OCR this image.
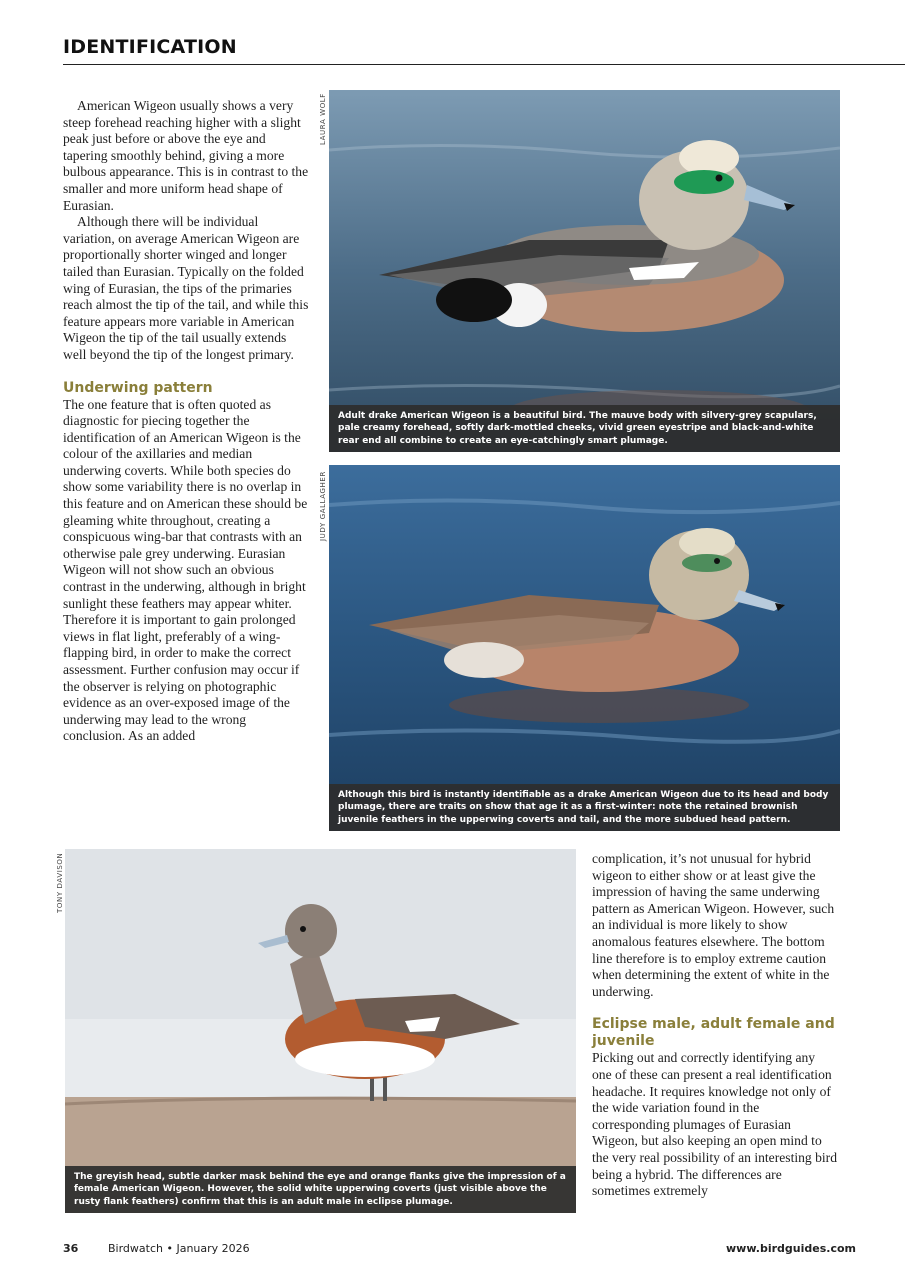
IDENTIFICATION

American Wigeon usually shows a very steep forehead reaching higher with a slight peak just before or above the eye and tapering smoothly behind, giving a more bulbous appearance. This is in contrast to the smaller and more uniform head shape of Eurasian.

Although there will be individual variation, on average American Wigeon are proportionally shorter winged and longer tailed than Eurasian. Typically on the folded wing of Eurasian, the tips of the primaries reach almost the tip of the tail, and while this feature appears more variable in American Wigeon the tip of the tail usually extends well beyond the tip of the longest primary.

Underwing pattern

The one feature that is often quoted as diagnostic for piecing together the identification of an American Wigeon is the colour of the axillaries and median underwing coverts. While both species do show some variability there is no overlap in this feature and on American these should be gleaming white throughout, creating a conspicuous wing-bar that contrasts with an otherwise pale grey underwing. Eurasian Wigeon will not show such an obvious contrast in the underwing, although in bright sunlight these feathers may appear whiter. Therefore it is important to gain prolonged views in flat light, preferably of a wing-flapping bird, in order to make the correct assessment. Further confusion may occur if the observer is relying on photographic evidence as an over-exposed image of the underwing may lead to the wrong conclusion. As an added

LAURA WOLF
Adult drake American Wigeon is a beautiful bird. The mauve body with silvery-grey scapulars, pale creamy forehead, softly dark-mottled cheeks, vivid green eyestripe and black-and-white rear end all combine to create an eye-catchingly smart plumage.
JUDY GALLAGHER
Although this bird is instantly identifiable as a drake American Wigeon due to its head and body plumage, there are traits on show that age it as a first-winter: note the retained brownish juvenile feathers in the upperwing coverts and tail, and the more subdued head pattern.
TONY DAVISON
The greyish head, subtle darker mask behind the eye and orange flanks give the impression of a female American Wigeon. However, the solid white upperwing coverts (just visible above the rusty flank feathers) confirm that this is an adult male in eclipse plumage.

complication, it’s not unusual for hybrid wigeon to either show or at least give the impression of having the same underwing pattern as American Wigeon. However, such an individual is more likely to show anomalous features elsewhere. The bottom line therefore is to employ extreme caution when determining the extent of white in the underwing.

Eclipse male, adult female and juvenile

Picking out and correctly identifying any one of these can present a real identification headache. It requires knowledge not only of the wide variation found in the corresponding plumages of Eurasian Wigeon, but also keeping an open mind to the very real possibility of an interesting bird being a hybrid. The differences are sometimes extremely

36	Birdwatch • January 2026	www.birdguides.com
